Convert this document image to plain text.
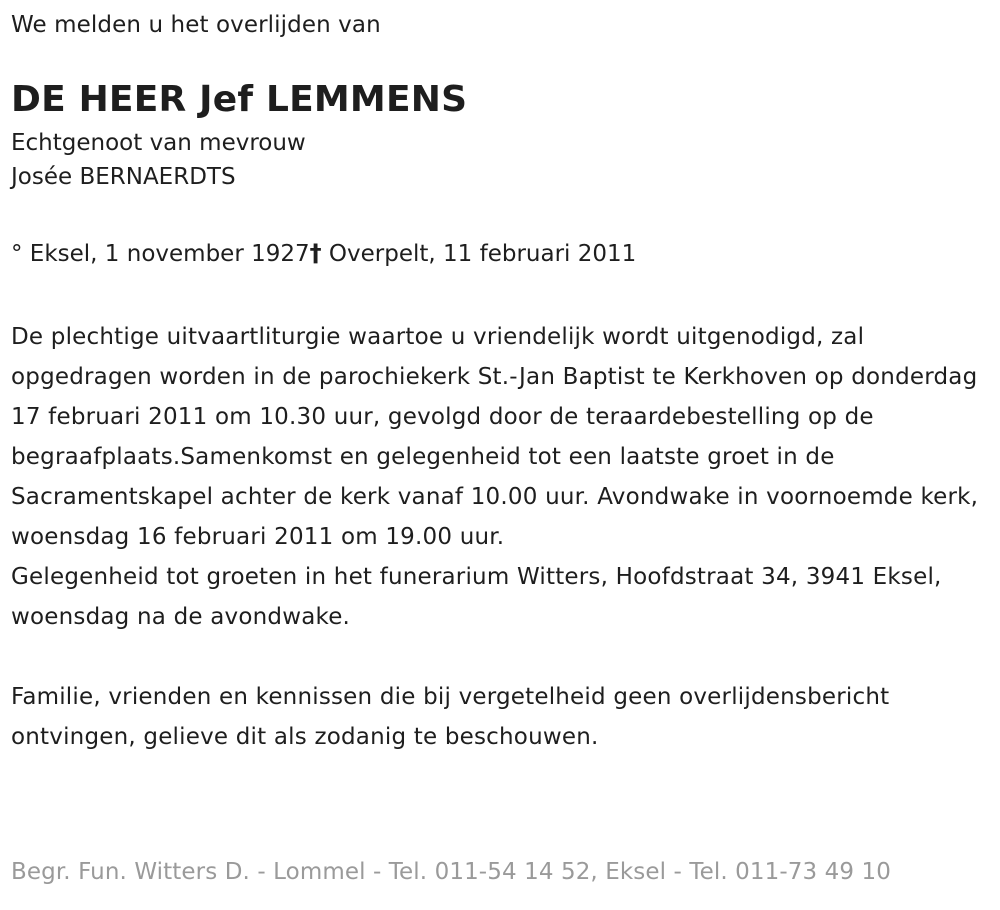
We melden u het overlijden van

DE HEER Jef LEMMENS

Echtgenoot van mevrouw

Josée BERNAERDTS

° Eksel, 1 november 1927† Overpelt, 11 februari 2011

De plechtige uitvaartliturgie waartoe u vriendelijk wordt uitgenodigd, zal opgedragen worden in de parochiekerk St.-Jan Baptist te Kerkhoven op donderdag 17 februari 2011 om 10.30 uur, gevolgd door de teraardebestelling op de begraafplaats.Samenkomst en gelegenheid tot een laatste groet in de Sacramentskapel achter de kerk vanaf 10.00 uur. Avondwake in voornoemde kerk, woensdag 16 februari 2011 om 19.00 uur.

Gelegenheid tot groeten in het funerarium Witters, Hoofdstraat 34, 3941 Eksel, woensdag na de avondwake.

Familie, vrienden en kennissen die bij vergetelheid geen overlijdensbericht ontvingen, gelieve dit als zodanig te beschouwen.

Begr. Fun. Witters D. - Lommel - Tel. 011-54 14 52, Eksel - Tel. 011-73 49 10
